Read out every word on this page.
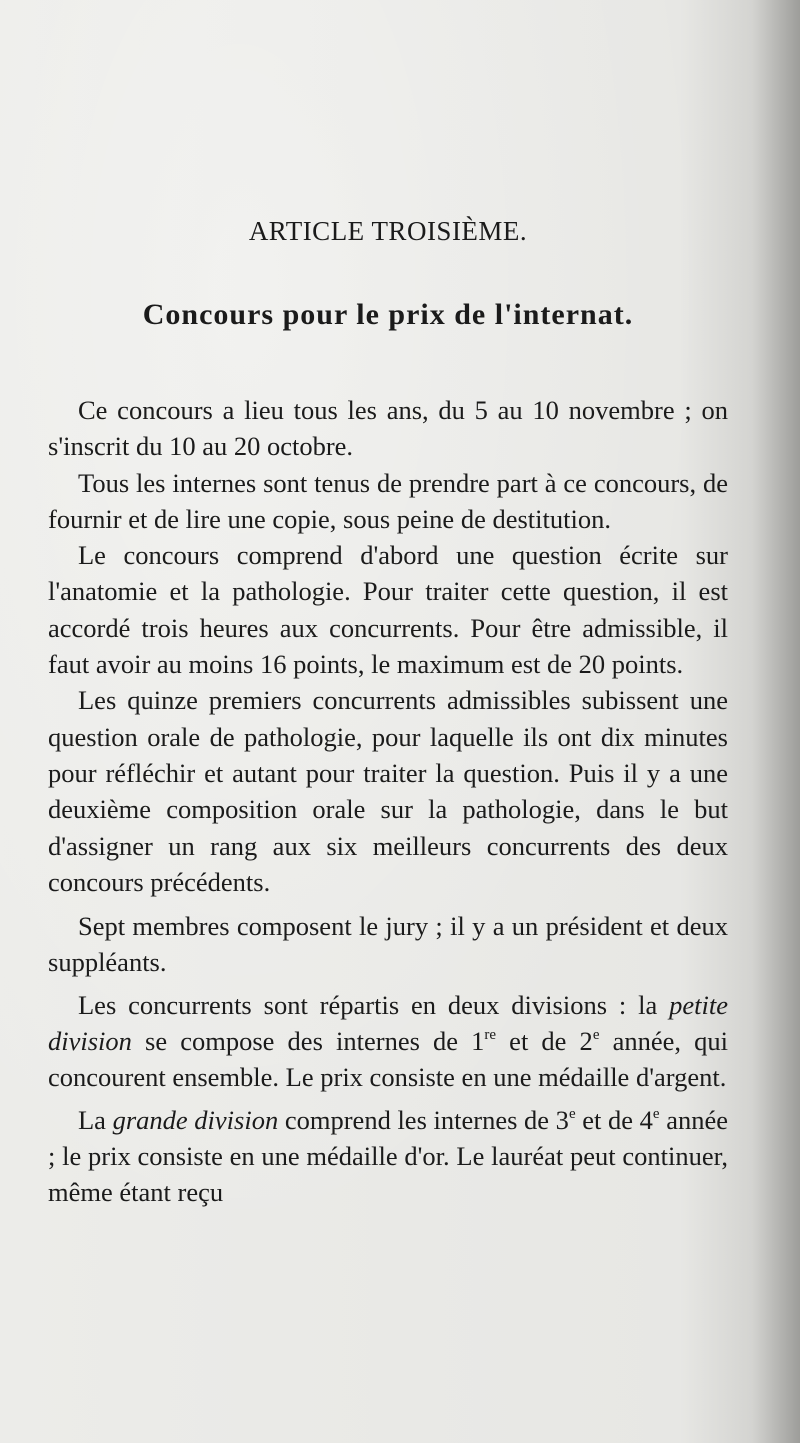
ARTICLE TROISIÈME.
Concours pour le prix de l'internat.

Ce concours a lieu tous les ans, du 5 au 10 novembre ; on s'inscrit du 10 au 20 octobre.

Tous les internes sont tenus de prendre part à ce concours, de fournir et de lire une copie, sous peine de destitution.

Le concours comprend d'abord une question écrite sur l'anatomie et la pathologie. Pour traiter cette question, il est accordé trois heures aux concurrents. Pour être admissible, il faut avoir au moins 16 points, le maximum est de 20 points.

Les quinze premiers concurrents admissibles subissent une question orale de pathologie, pour laquelle ils ont dix minutes pour réfléchir et autant pour traiter la question. Puis il y a une deuxième composition orale sur la pathologie, dans le but d'assigner un rang aux six meilleurs concurrents des deux concours précédents.

Sept membres composent le jury ; il y a un président et deux suppléants.

Les concurrents sont répartis en deux divisions : la petite division se compose des internes de 1re et de 2e année, qui concourent ensemble. Le prix consiste en une médaille d'argent.

La grande division comprend les internes de 3e et de 4e année ; le prix consiste en une médaille d'or. Le lauréat peut continuer, même étant reçu
